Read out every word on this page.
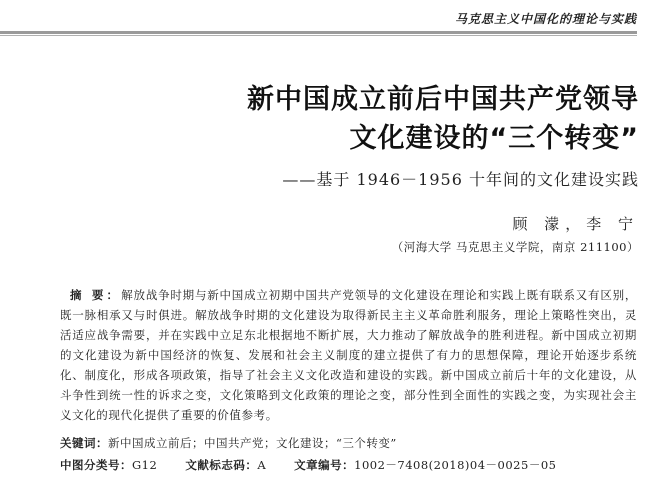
马克思主义中国化的理论与实践
新中国成立前后中国共产党领导
文化建设的“三个转变”
——基于 1946－1956 十年间的文化建设实践
顾 濛，李 宁
（河海大学 马克思主义学院，南京 211100）

摘 要：解放战争时期与新中国成立初期中国共产党领导的文化建设在理论和实践上既有联系又有区别，既一脉相承又与时俱进。解放战争时期的文化建设为取得新民主主义革命胜利服务，理论上策略性突出，灵活适应战争需要，并在实践中立足东北根据地不断扩展，大力推动了解放战争的胜利进程。新中国成立初期的文化建设为新中国经济的恢复、发展和社会主义制度的建立提供了有力的思想保障，理论开始逐步系统化、制度化，形成各项政策，指导了社会主义文化改造和建设的实践。新中国成立前后十年的文化建设，从斗争性到统一性的诉求之变，文化策略到文化政策的理论之变，部分性到全面性的实践之变，为实现社会主义文化的现代化提供了重要的价值参考。

关键词：新中国成立前后；中国共产党；文化建设；“三个转变”
中图分类号：G12 文献标志码：A 文章编号：1002－7408(2018)04－0025－05
